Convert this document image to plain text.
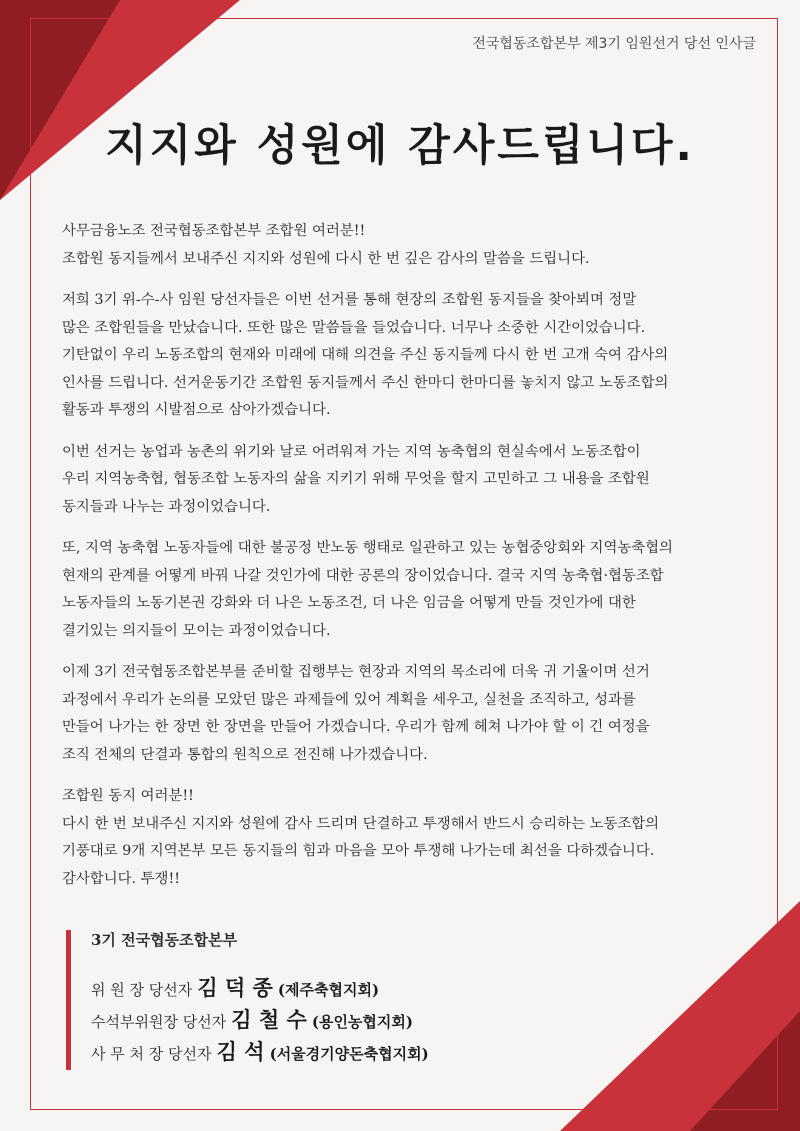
전국협동조합본부 제3기 임원선거 당선 인사글
지지와 성원에 감사드립니다.
사무금융노조 전국협동조합본부 조합원 여러분!!
조합원 동지들께서 보내주신 지지와 성원에 다시 한 번 깊은 감사의 말씀을 드립니다.
저희 3기 위-수-사 임원 당선자들은 이번 선거를 통해 현장의 조합원 동지들을 찾아뵈며 정말
많은 조합원들을 만났습니다. 또한 많은 말씀들을 들었습니다. 너무나 소중한 시간이었습니다.
기탄없이 우리 노동조합의 현재와 미래에 대해 의견을 주신 동지들께 다시 한 번 고개 숙여 감사의
인사를 드립니다. 선거운동기간 조합원 동지들께서 주신 한마디 한마디를 놓치지 않고 노동조합의
활동과 투쟁의 시발점으로 삼아가겠습니다.
이번 선거는 농업과 농촌의 위기와 날로 어려워져 가는 지역 농축협의 현실속에서 노동조합이
우리 지역농축협, 협동조합 노동자의 삶을 지키기 위해 무엇을 할지 고민하고 그 내용을 조합원
동지들과 나누는 과정이었습니다.
또, 지역 농축협 노동자들에 대한 불공정 반노동 행태로 일관하고 있는 농협중앙회와 지역농축협의
현재의 관계를 어떻게 바꿔 나갈 것인가에 대한 공론의 장이었습니다. 결국 지역 농축협·협동조합
노동자들의 노동기본권 강화와 더 나은 노동조건, 더 나은 임금을 어떻게 만들 것인가에 대한
결기있는 의지들이 모이는 과정이었습니다.
이제 3기 전국협동조합본부를 준비할 집행부는 현장과 지역의 목소리에 더욱 귀 기울이며 선거
과정에서 우리가 논의를 모았던 많은 과제들에 있어 계획을 세우고, 실천을 조직하고, 성과를
만들어 나가는 한 장면 한 장면을 만들어 가겠습니다. 우리가 함께 헤쳐 나가야 할 이 긴 여정을
조직 전체의 단결과 통합의 원칙으로 전진해 나가겠습니다.
조합원 동지 여러분!!
다시 한 번 보내주신 지지와 성원에 감사 드리며 단결하고 투쟁해서 반드시 승리하는 노동조합의
기풍대로 9개 지역본부 모든 동지들의 힘과 마음을 모아 투쟁해 나가는데 최선을 다하겠습니다.
감사합니다. 투쟁!!
3기 전국협동조합본부
위 원 장 당선자 김 덕 종 (제주축협지회)
수석부위원장 당선자 김 철 수 (용인농협지회)
사 무 처 장 당선자 김 석 (서울경기양돈축협지회)
